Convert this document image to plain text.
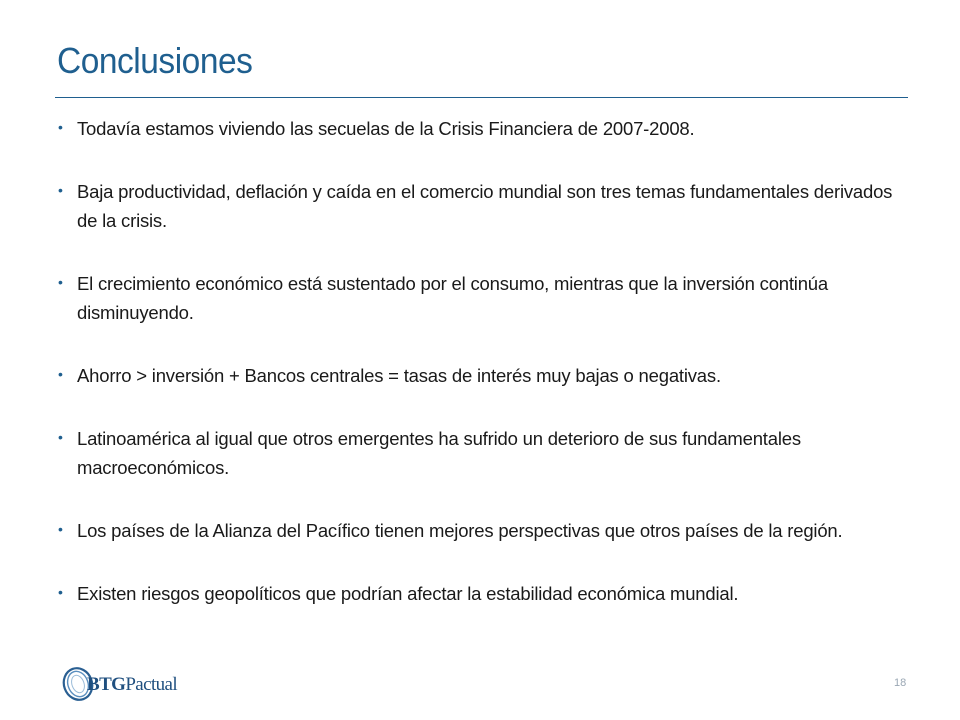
Conclusiones
• Todavía estamos viviendo las secuelas de la Crisis Financiera de 2007-2008.
• Baja productividad, deflación y caída en el comercio mundial son tres temas fundamentales derivados de la crisis.
• El crecimiento económico está sustentado por el consumo, mientras que la inversión continúa disminuyendo.
• Ahorro > inversión + Bancos centrales = tasas de interés muy bajas o negativas.
• Latinoamérica al igual que otros emergentes ha sufrido un deterioro de sus fundamentales macroeconómicos.
• Los países de la Alianza del Pacífico tienen mejores perspectivas que otros países de la región.
• Existen riesgos geopolíticos que podrían afectar la estabilidad económica mundial.
BTGPactual	18
